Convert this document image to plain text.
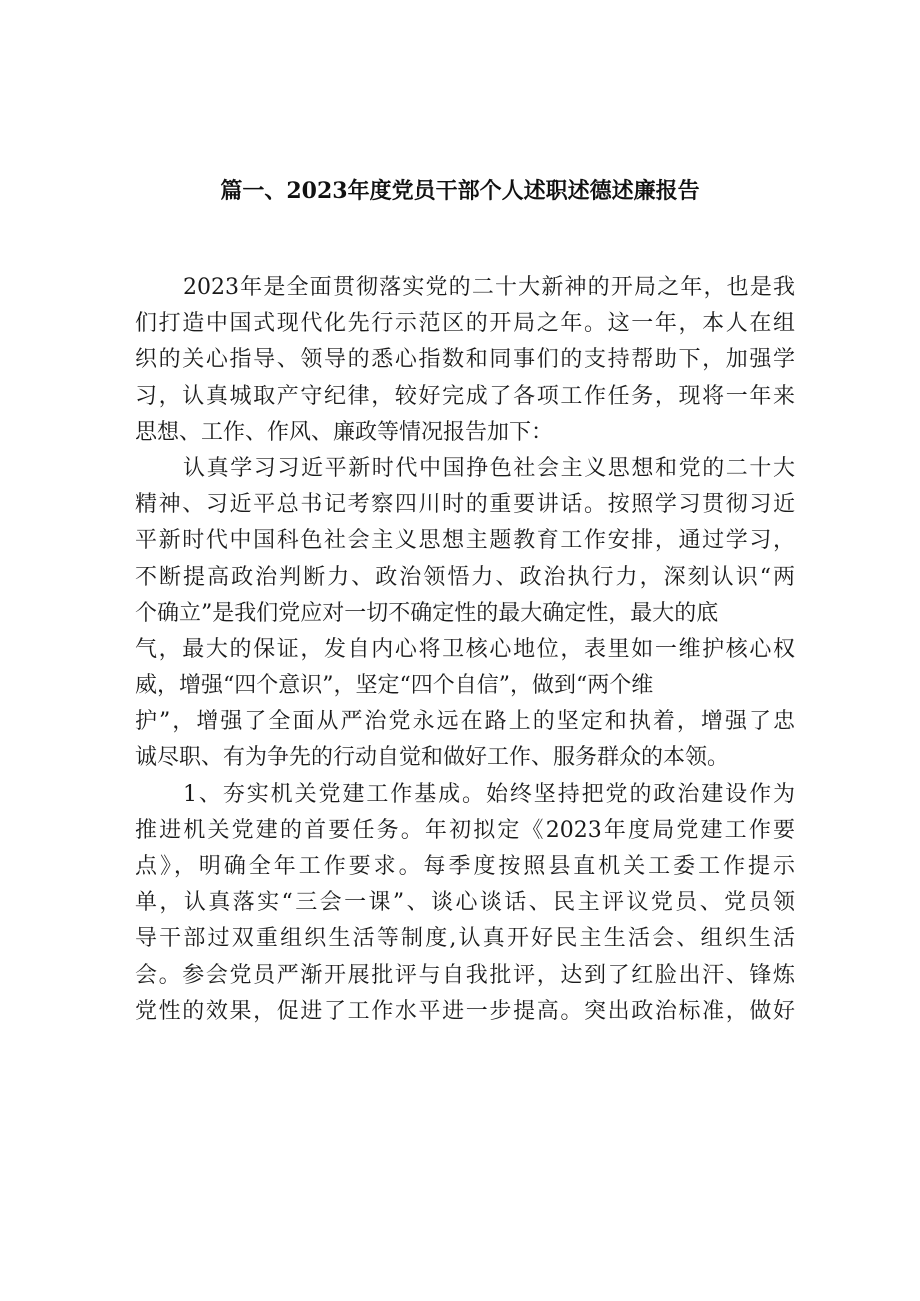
篇一、2023年度党员干部个人述职述德述廉报告
2023年是全面贯彻落实党的二十大新神的开局之年，也是我
们打造中国式现代化先行示范区的开局之年。这一年，本人在组
织的关心指导、领导的悉心指数和同事们的支持帮助下，加强学
习，认真城取产守纪律，较好完成了各项工作任务，现将一年来
思想、工作、作风、廉政等情况报告加下：
认真学习习近平新时代中国挣色社会主义思想和党的二十大
精神、习近平总书记考察四川时的重要讲话。按照学习贯彻习近
平新时代中国科色社会主义思想主题教育工作安排，通过学习，
不断提高政治判断力、政治领悟力、政治执行力，深刻认识“两
个确立”是我们党应对一切不确定性的最大确定性，最大的底
气，最大的保证，发自内心将卫核心地位，表里如一维护核心权
威，增强“四个意识”，坚定“四个自信”，做到“两个维
护”，增强了全面从严治党永远在路上的坚定和执着，增强了忠
诚尽职、有为争先的行动自觉和做好工作、服务群众的本领。
1、夯实机关党建工作基成。始终坚持把党的政治建设作为
推进机关党建的首要任务。年初拟定《2023年度局党建工作要
点》，明确全年工作要求。每季度按照县直机关工委工作提示
单，认真落实“三会一课”、谈心谈话、民主评议党员、党员领
导干部过双重组织生活等制度,认真开好民主生活会、组织生活
会。参会党员严渐开展批评与自我批评，达到了红脸出汗、锋炼
党性的效果，促进了工作水平进一步提高。突出政治标准，做好
